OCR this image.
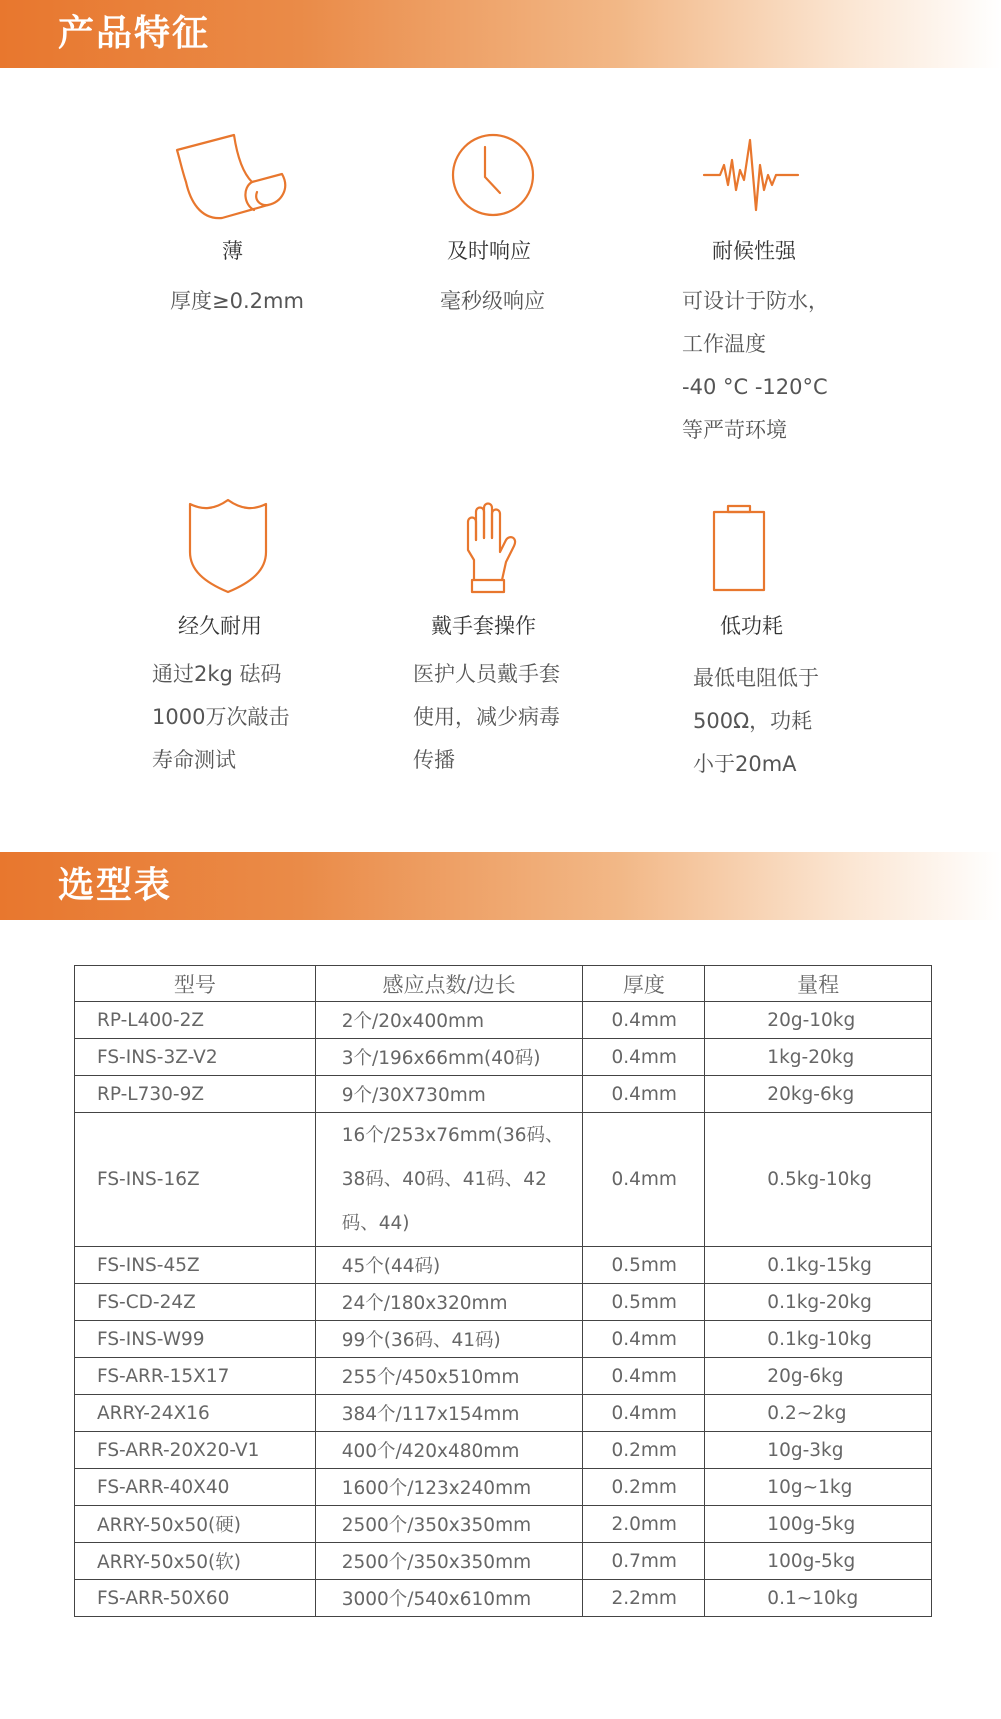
产品特征
薄
厚度≥0.2mm
及时响应
毫秒级响应
耐候性强
可设计于防水，
工作温度
-40 °C -120°C
等严苛环境
经久耐用
通过2kg 砝码
1000万次敲击
寿命测试
戴手套操作
医护人员戴手套
使用，减少病毒
传播
低功耗
最低电阻低于
500Ω，功耗
小于20mA
选型表
型号	感应点数/边长	厚度	量程
RP-L400-2Z	2个/20x400mm	0.4mm	20g-10kg
FS-INS-3Z-V2	3个/196x66mm(40码)	0.4mm	1kg-20kg
RP-L730-9Z	9个/30X730mm	0.4mm	20kg-6kg
FS-INS-16Z	16个/253x76mm(36码、38码、40码、41码、42码、44)	0.4mm	0.5kg-10kg
FS-INS-45Z	45个(44码)	0.5mm	0.1kg-15kg
FS-CD-24Z	24个/180x320mm	0.5mm	0.1kg-20kg
FS-INS-W99	99个(36码、41码)	0.4mm	0.1kg-10kg
FS-ARR-15X17	255个/450x510mm	0.4mm	20g-6kg
ARRY-24X16	384个/117x154mm	0.4mm	0.2~2kg
FS-ARR-20X20-V1	400个/420x480mm	0.2mm	10g-3kg
FS-ARR-40X40	1600个/123x240mm	0.2mm	10g~1kg
ARRY-50x50(硬)	2500个/350x350mm	2.0mm	100g-5kg
ARRY-50x50(软)	2500个/350x350mm	0.7mm	100g-5kg
FS-ARR-50X60	3000个/540x610mm	2.2mm	0.1~10kg
